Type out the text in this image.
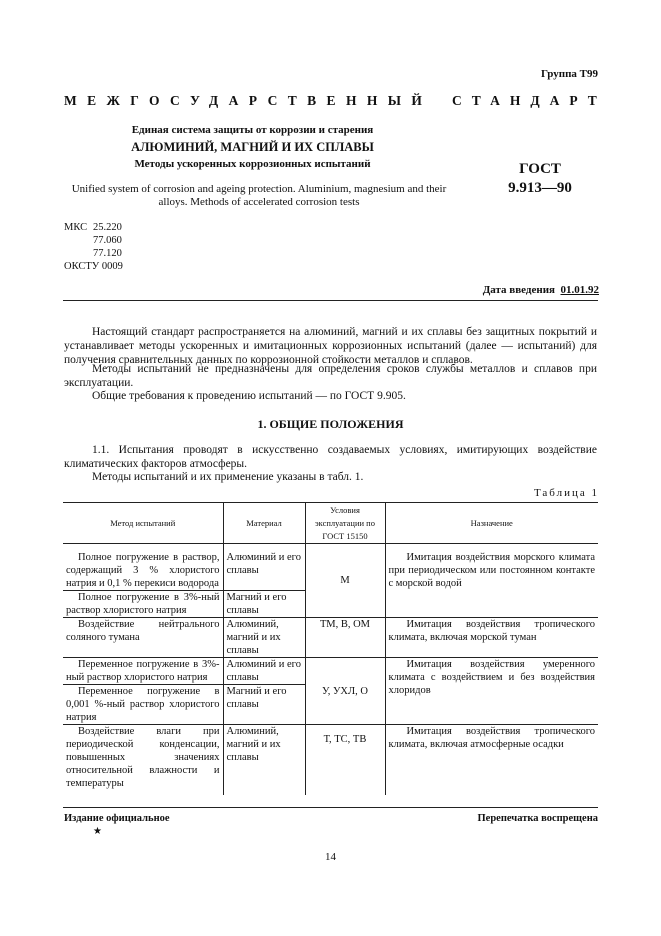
Группа Т99
МЕЖГОСУДАРСТВЕННЫЙ СТАНДАРТ
Единая система защиты от коррозии и старения
АЛЮМИНИЙ, МАГНИЙ И ИХ СПЛАВЫ
Методы ускоренных коррозионных испытаний	ГОСТ
9.913—90
Unified system of corrosion and ageing protection. Aluminium, magnesium and their alloys. Methods of accelerated corrosion tests
МКС 25.220
77.060
77.120
ОКСТУ 0009
Дата введения 01.01.92
Настоящий стандарт распространяется на алюминий, магний и их сплавы без защитных покрытий и устанавливает методы ускоренных и имитационных коррозионных испытаний (далее — испытаний) для получения сравнительных данных по коррозионной стойкости металлов и сплавов.
Методы испытаний не предназначены для определения сроков службы металлов и сплавов при эксплуатации.
Общие требования к проведению испытаний — по ГОСТ 9.905.
1. ОБЩИЕ ПОЛОЖЕНИЯ
1.1. Испытания проводят в искусственно создаваемых условиях, имитирующих воздействие климатических факторов атмосферы.
Методы испытаний и их применение указаны в табл. 1.
Таблица 1
Метод испытаний	Материал	Условия эксплуатации по ГОСТ 15150	Назначение
Полное погружение в раствор, содержащий 3 % хлористого натрия и 0,1 % перекиси водорода	Алюминий и его сплавы	М	Имитация воздействия морского климата при периодическом или постоянном контакте с морской водой
Полное погружение в 3%-ный раствор хлористого натрия	Магний и его сплавы		
Воздействие нейтрального соляного тумана	Алюминий, магний и их сплавы	ТМ, В, ОМ	Имитация воздействия тропического климата, включая морской туман
Переменное погружение в 3%-ный раствор хлористого натрия	Алюминий и его сплавы	У, УХЛ, О	Имитация воздействия умеренного климата с воздействием и без воздействия хлоридов
Переменное погружение в 0,001 %-ный раствор хлористого натрия	Магний и его сплавы		
Воздействие влаги при периодической конденсации, повышенных значениях относительной влажности и температуры	Алюминий, магний и их сплавы	Т, ТС, ТВ	Имитация воздействия тропического климата, включая атмосферные осадки
Издание официальное	Перепечатка воспрещена
★
14
